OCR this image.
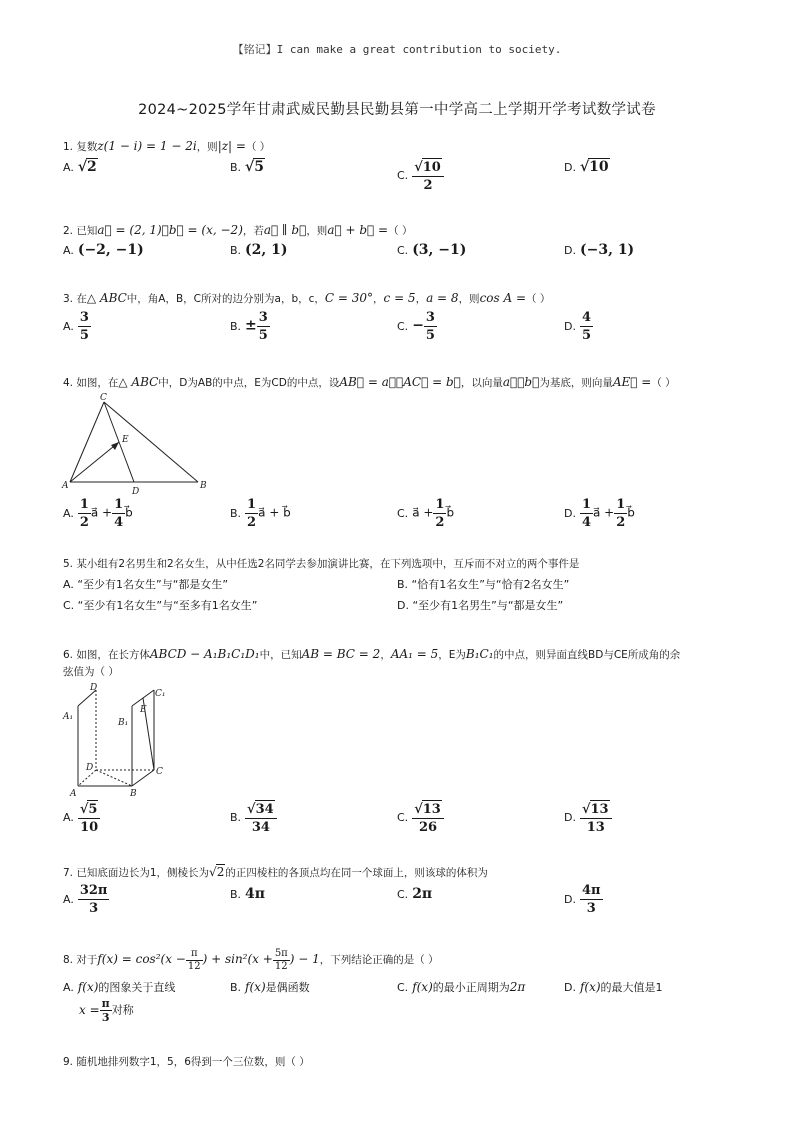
【铭记】I can make a great contribution to society.
2024~2025学年甘肃武威民勤县民勤县第一中学高二上学期开学考试数学试卷
1. 复数z(1 − i) = 1 − 2i，则|z| =（ ）
A. √2	B. √5
C. $\frac{√10}{2}$	D. √10
2. 已知a⃗ = (2, 1)，b⃗ = (x, −2)，若a⃗ ∥ b⃗，则a⃗ + b⃗ =（ ）
A. (−2, −1)	B. (2, 1)	C. (3, −1)	D. (−3, 1)
3. 在△ ABC中，角A，B，C所对的边分别为a，b，c，C = 30°，c = 5，a = 8，则cos A =（ ）
A. $\frac{3}{5}$	B. ± $\frac{3}{5}$	C. − $\frac{3}{5}$	D. $\frac{4}{5}$
4. 如图，在△ ABC中，D为AB的中点，E为CD的中点，设AB⃗ = a⃗，AC⃗ = b⃗，以向量a⃗，b⃗为基底，则向量AE⃗ =（ ）
C
A	B
D
E
A. $\frac{1}{2}$ a⃗ + $\frac{1}{4}$ b⃗	B. $\frac{1}{2}$ a⃗ + b⃗	C. a⃗ + $\frac{1}{2}$ b⃗	D. $\frac{1}{4}$ a⃗ + $\frac{1}{2}$ b⃗
5. 某小组有2名男生和2名女生，从中任选2名同学去参加演讲比赛，在下列选项中，互斥而不对立的两个事件是
A. “至少有1名女生”与“都是女生”	B. “恰有1名女生”与“恰有2名女生”
C. “至少有1名女生”与“至多有1名女生”	D. “至少有1名男生”与“都是女生”
6. 如图，在长方体ABCD − A₁B₁C₁D₁中，已知AB = BC = 2，AA₁ = 5，E为B₁C₁的中点，则异面直线BD与CE所成角的余
弦值为（ ）
D
C₁
A₁
B₁
E
D	C
A	B
A. $\frac{√5}{10}$	B. $\frac{√34}{34}$	C. $\frac{√13}{26}$	D. $\frac{√13}{13}$
7. 已知底面边长为1，侧棱长为√2的正四棱柱的各顶点均在同一个球面上，则该球的体积为
A. $\frac{32\pi}{3}$	B. 4π	C. 2π	D. $\frac{4\pi}{3}$
8. 对于$f(x) = \cos^2(x - \frac{\pi}{12}$ ) + $\sin^2(x + \frac{5\pi}{12}$ ) − 1，下列结论正确的是（ ）
A. f(x)的图象关于直线
$x = \frac{\pi}{3}$ 对称
B. f(x)是偶函数	C. f(x)的最小正周期为2π	D. f(x)的最大值是1
9. 随机地排列数字1，5，6得到一个三位数，则（ ）
